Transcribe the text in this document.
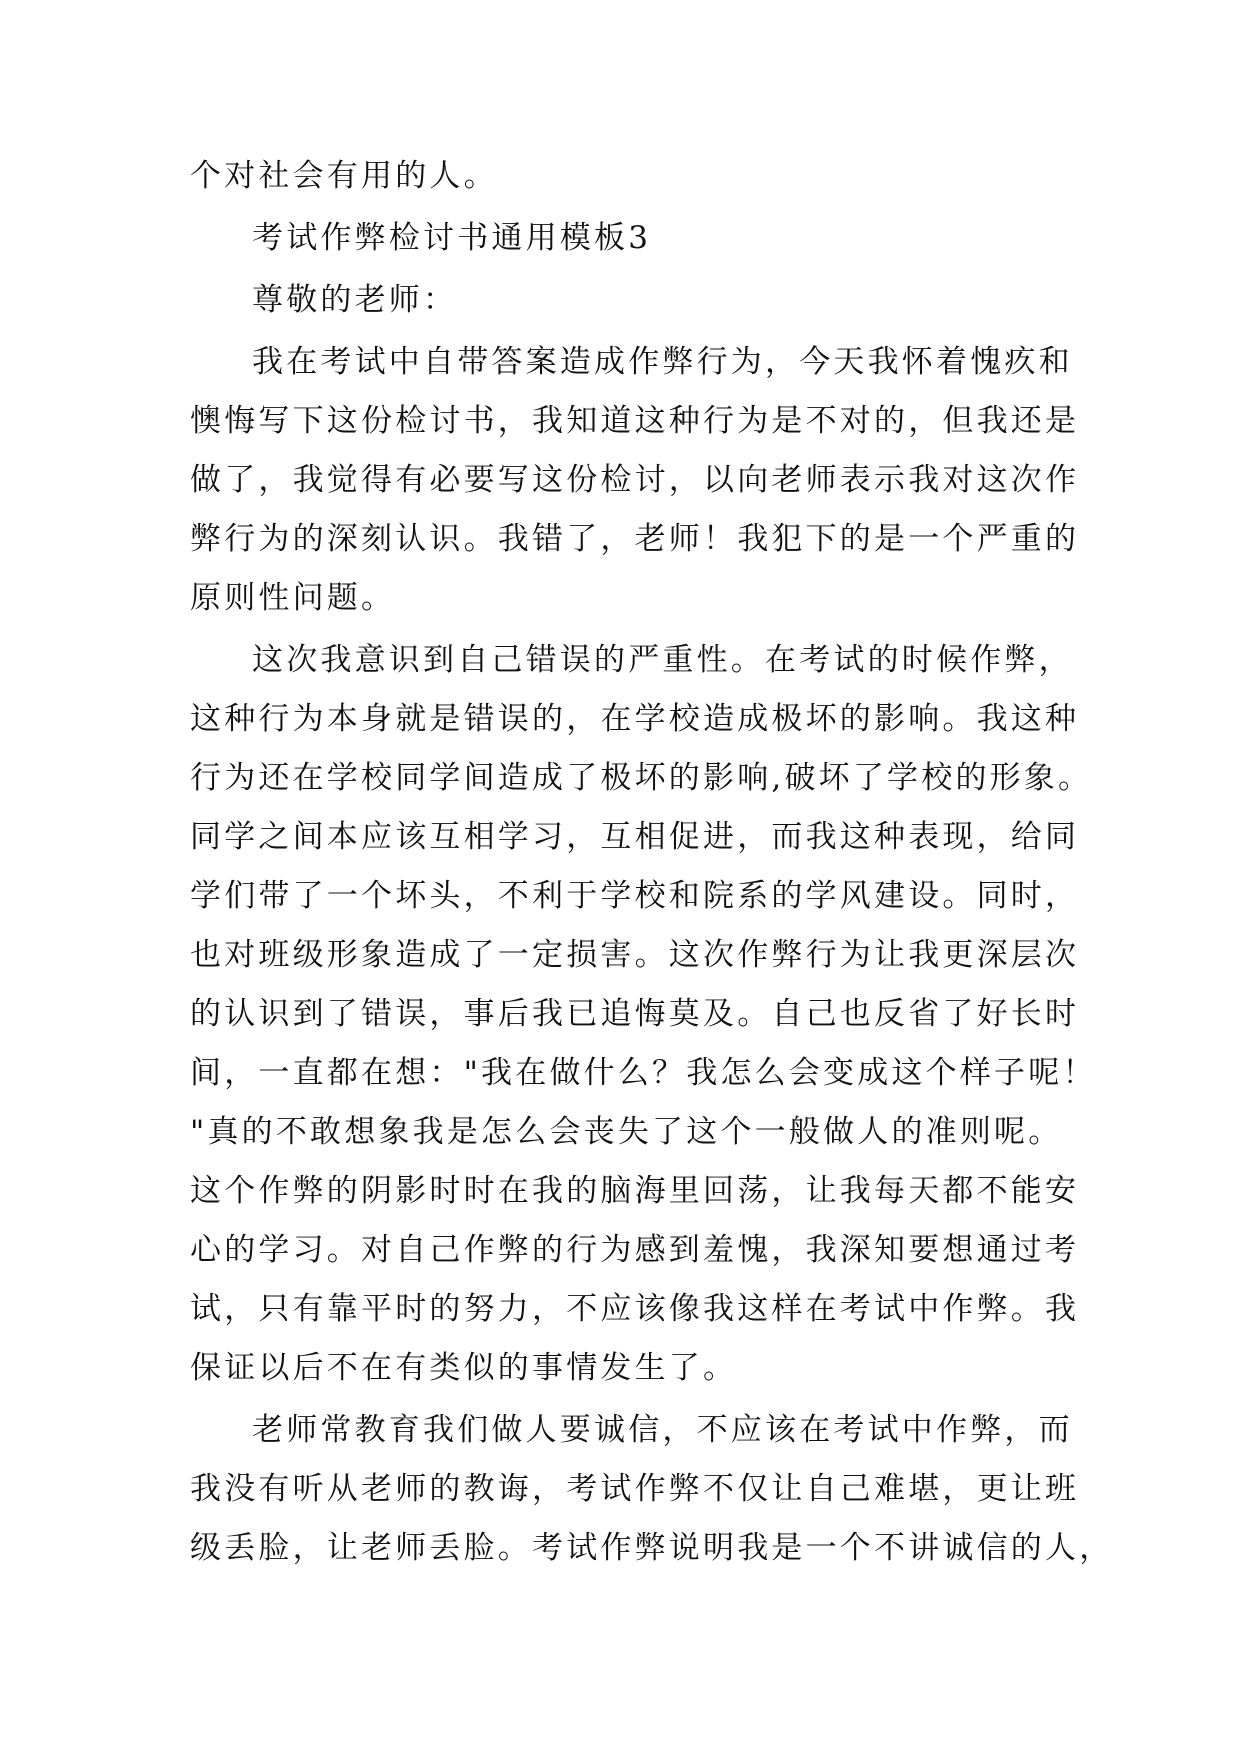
个对社会有用的人。
考试作弊检讨书通用模板3
尊敬的老师：
我在考试中自带答案造成作弊行为，今天我怀着愧疚和
懊悔写下这份检讨书，我知道这种行为是不对的，但我还是
做了，我觉得有必要写这份检讨，以向老师表示我对这次作
弊行为的深刻认识。我错了，老师！我犯下的是一个严重的
原则性问题。
这次我意识到自己错误的严重性。在考试的时候作弊，
这种行为本身就是错误的，在学校造成极坏的影响。我这种
行为还在学校同学间造成了极坏的影响,破坏了学校的形象。
同学之间本应该互相学习，互相促进，而我这种表现，给同
学们带了一个坏头，不利于学校和院系的学风建设。同时，
也对班级形象造成了一定损害。这次作弊行为让我更深层次
的认识到了错误，事后我已追悔莫及。自己也反省了好长时
间，一直都在想："我在做什么？我怎么会变成这个样子呢！
"真的不敢想象我是怎么会丧失了这个一般做人的准则呢。
这个作弊的阴影时时在我的脑海里回荡，让我每天都不能安
心的学习。对自己作弊的行为感到羞愧，我深知要想通过考
试，只有靠平时的努力，不应该像我这样在考试中作弊。我
保证以后不在有类似的事情发生了。
老师常教育我们做人要诚信，不应该在考试中作弊，而
我没有听从老师的教诲，考试作弊不仅让自己难堪，更让班
级丢脸，让老师丢脸。考试作弊说明我是一个不讲诚信的人，
